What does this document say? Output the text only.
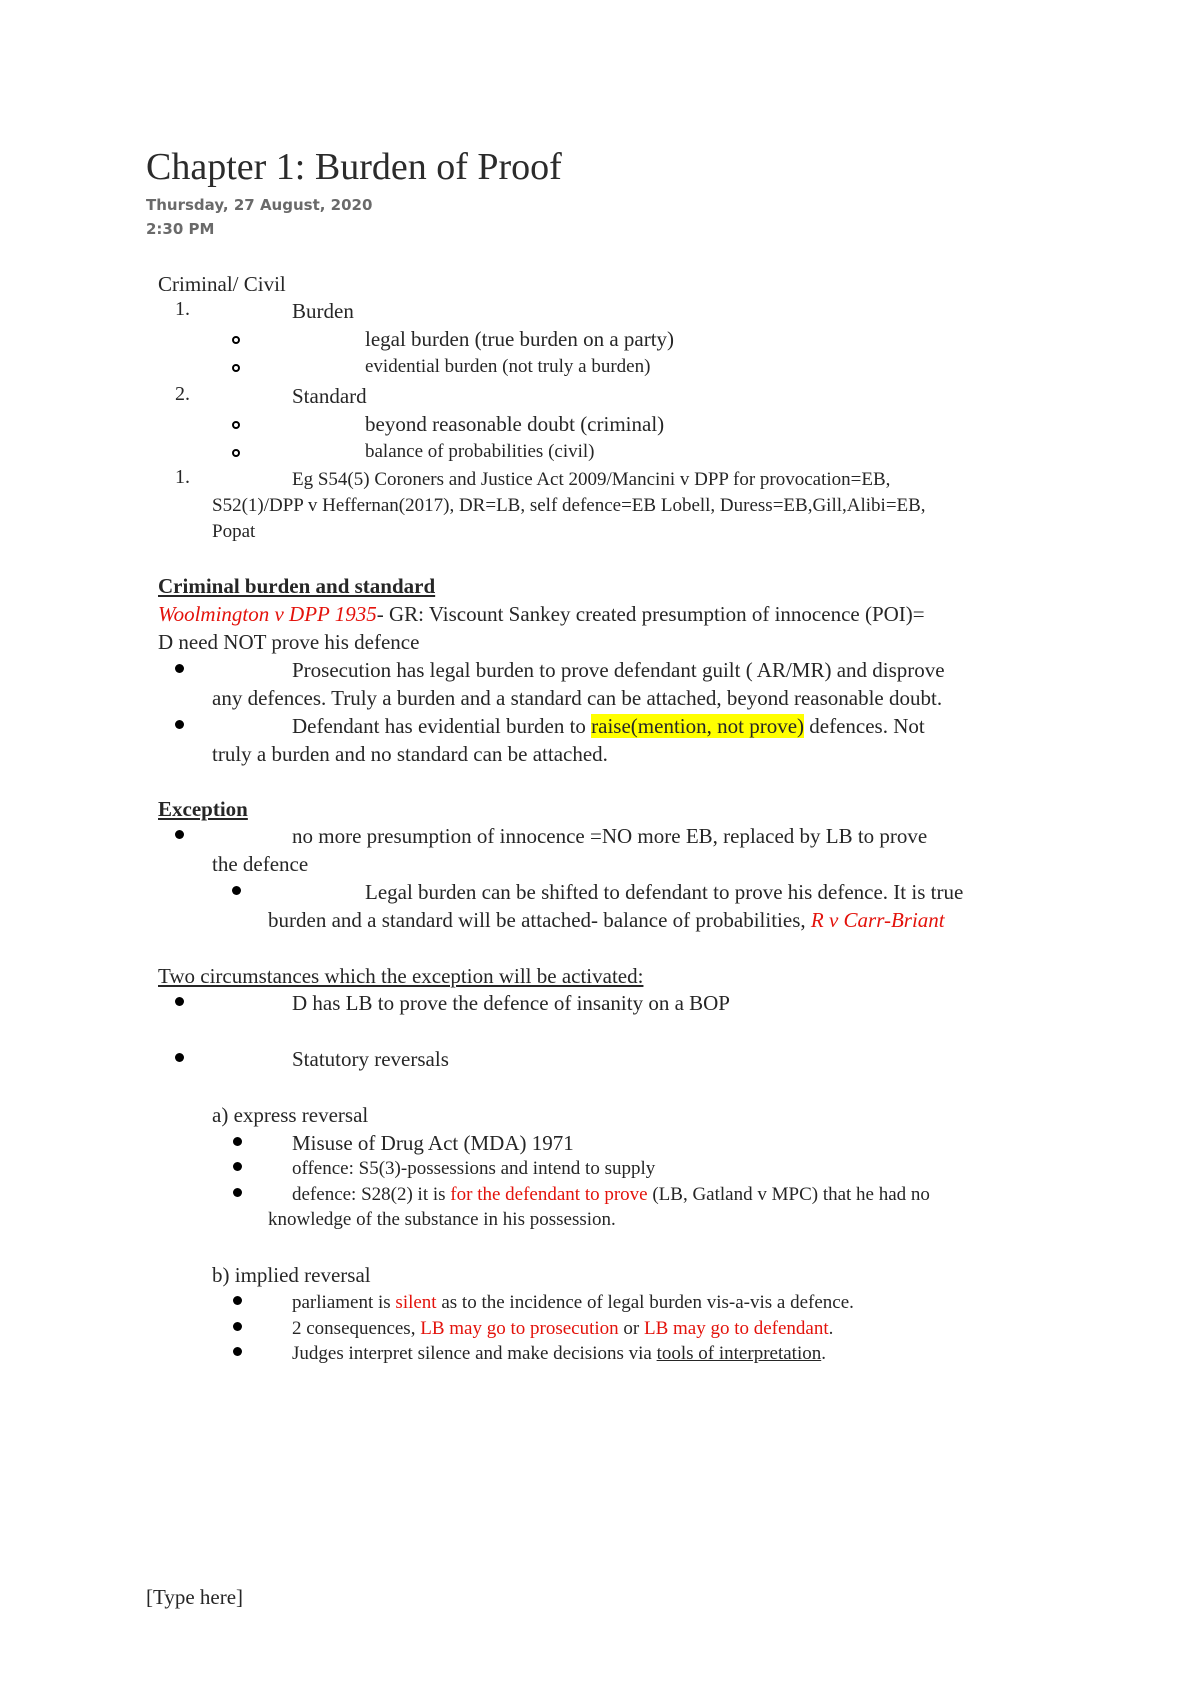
Chapter 1: Burden of Proof
Thursday, 27 August, 2020
2:30 PM
Criminal/ Civil
1.	Burden
legal burden (true burden on a party)
evidential burden (not truly a burden)
2.	Standard
beyond reasonable doubt (criminal)
balance of probabilities (civil)
1.	Eg S54(5) Coroners and Justice Act 2009/Mancini v DPP for provocation=EB,
S52(1)/DPP v Heffernan(2017), DR=LB, self defence=EB Lobell, Duress=EB,Gill,Alibi=EB,
Popat
Criminal burden and standard
Woolmington v DPP 1935- GR: Viscount Sankey created presumption of innocence (POI)=
D need NOT prove his defence
Prosecution has legal burden to prove defendant guilt ( AR/MR) and disprove
any defences. Truly a burden and a standard can be attached, beyond reasonable doubt.
Defendant has evidential burden to raise(mention, not prove) defences. Not
truly a burden and no standard can be attached.
Exception
no more presumption of innocence =NO more EB, replaced by LB to prove
the defence
Legal burden can be shifted to defendant to prove his defence. It is true
burden and a standard will be attached- balance of probabilities, R v Carr-Briant
Two circumstances which the exception will be activated:
D has LB to prove the defence of insanity on a BOP
Statutory reversals
a) express reversal
Misuse of Drug Act (MDA) 1971
offence: S5(3)-possessions and intend to supply
defence: S28(2) it is for the defendant to prove (LB, Gatland v MPC) that he had no
knowledge of the substance in his possession.
b) implied reversal
parliament is silent as to the incidence of legal burden vis-a-vis a defence.
2 consequences, LB may go to prosecution or LB may go to defendant.
Judges interpret silence and make decisions via tools of interpretation.
[Type here]
